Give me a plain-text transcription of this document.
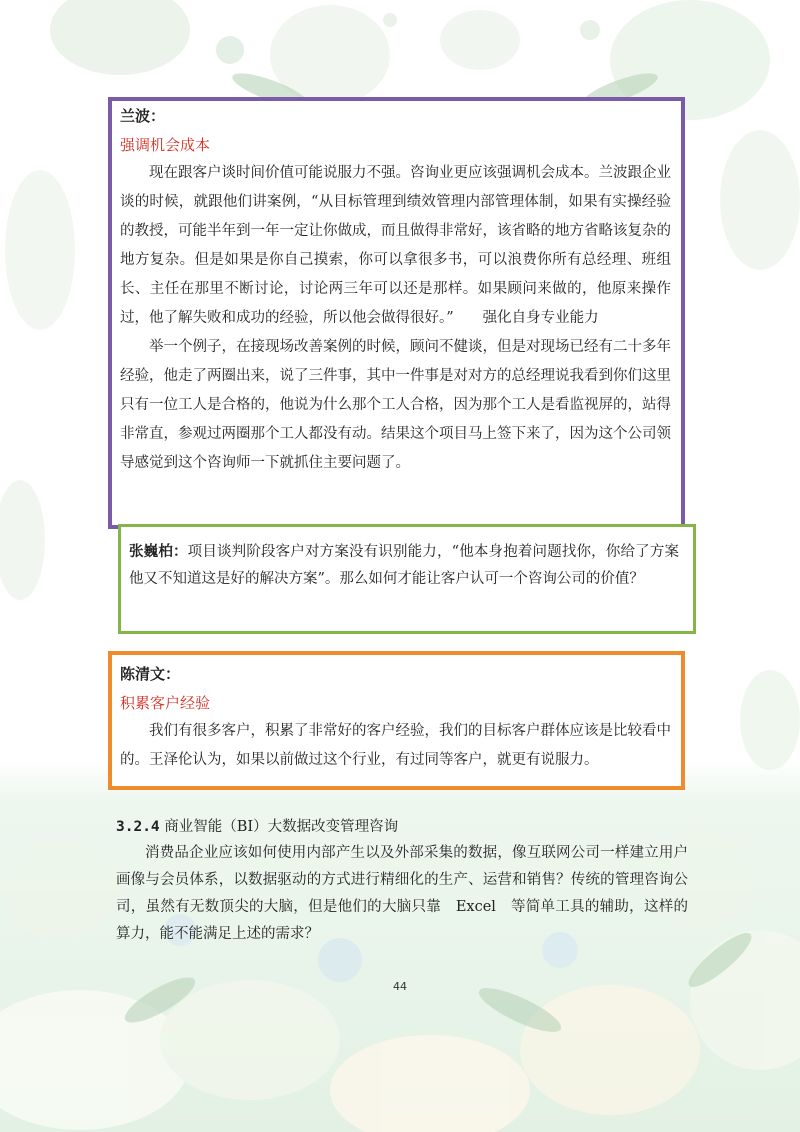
兰波：
强调机会成本

现在跟客户谈时间价值可能说服力不强。咨询业更应该强调机会成本。兰波跟企业谈的时候，就跟他们讲案例，“从目标管理到绩效管理内部管理体制，如果有实操经验的教授，可能半年到一年一定让你做成，而且做得非常好，该省略的地方省略该复杂的地方复杂。但是如果是你自己摸索，你可以拿很多书，可以浪费你所有总经理、班组长、主任在那里不断讨论，讨论两三年可以还是那样。如果顾问来做的，他原来操作过，他了解失败和成功的经验，所以他会做得很好。”　　 强化自身专业能力

举一个例子，在接现场改善案例的时候，顾问不健谈，但是对现场已经有二十多年经验，他走了两圈出来，说了三件事，其中一件事是对对方的总经理说我看到你们这里只有一位工人是合格的，他说为什么那个工人合格，因为那个工人是看监视屏的，站得非常直，参观过两圈那个工人都没有动。结果这个项目马上签下来了，因为这个公司领导感觉到这个咨询师一下就抓住主要问题了。

张巍柏：项目谈判阶段客户对方案没有识别能力，“他本身抱着问题找你，你给了方案他又不知道这是好的解决方案”。那么如何才能让客户认可一个咨询公司的价值？

陈清文：
积累客户经验

我们有很多客户，积累了非常好的客户经验，我们的目标客户群体应该是比较看中的。王泽伦认为，如果以前做过这个行业，有过同等客户，就更有说服力。

3.2.4 商业智能（BI）大数据改变管理咨询

消费品企业应该如何使用内部产生以及外部采集的数据，像互联网公司一样建立用户画像与会员体系，以数据驱动的方式进行精细化的生产、运营和销售？传统的管理咨询公司，虽然有无数顶尖的大脑，但是他们的大脑只靠　Excel　等简单工具的辅助，这样的算力，能不能满足上述的需求？

44
